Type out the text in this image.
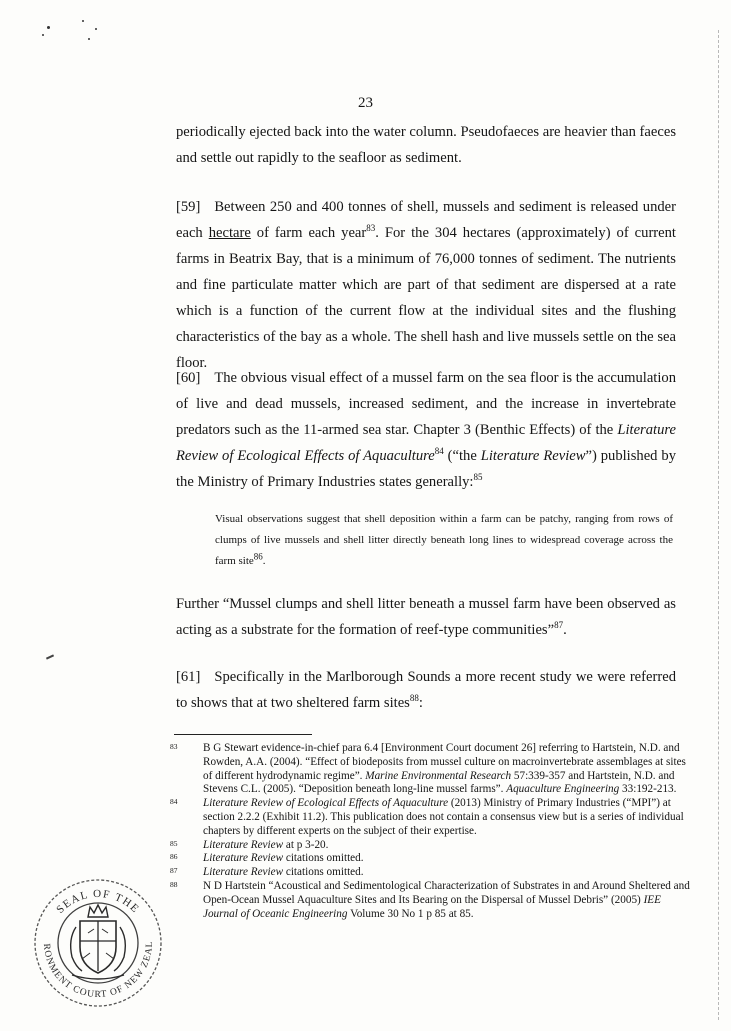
23
periodically ejected back into the water column. Pseudofaeces are heavier than faeces and settle out rapidly to the seafloor as sediment.
[59] Between 250 and 400 tonnes of shell, mussels and sediment is released under each hectare of farm each year$^{83}$. For the 304 hectares (approximately) of current farms in Beatrix Bay, that is a minimum of 76,000 tonnes of sediment. The nutrients and fine particulate matter which are part of that sediment are dispersed at a rate which is a function of the current flow at the individual sites and the flushing characteristics of the bay as a whole. The shell hash and live mussels settle on the sea floor.
[60] The obvious visual effect of a mussel farm on the sea floor is the accumulation of live and dead mussels, increased sediment, and the increase in invertebrate predators such as the 11-armed sea star. Chapter 3 (Benthic Effects) of the Literature Review of Ecological Effects of Aquaculture$^{84}$ (“the Literature Review”) published by the Ministry of Primary Industries states generally:$^{85}$
Visual observations suggest that shell deposition within a farm can be patchy, ranging from rows of clumps of live mussels and shell litter directly beneath long lines to widespread coverage across the farm site$^{86}$.
Further “Mussel clumps and shell litter beneath a mussel farm have been observed as acting as a substrate for the formation of reef-type communities”$^{87}$.
[61] Specifically in the Marlborough Sounds a more recent study we were referred to shows that at two sheltered farm sites$^{88}$:
83 B G Stewart evidence-in-chief para 6.4 [Environment Court document 26] referring to Hartstein, N.D. and Rowden, A.A. (2004). “Effect of biodeposits from mussel culture on macroinvertebrate assemblages at sites of different hydrodynamic regime”. Marine Environmental Research 57:339-357 and Hartstein, N.D. and Stevens C.L. (2005). “Deposition beneath long-line mussel farms”. Aquaculture Engineering 33:192-213.
84 Literature Review of Ecological Effects of Aquaculture (2013) Ministry of Primary Industries (“MPI”) at section 2.2.2 (Exhibit 11.2). This publication does not contain a consensus view but is a series of individual chapters by different experts on the subject of their expertise.
85 Literature Review at p 3-20.
86 Literature Review citations omitted.
87 Literature Review citations omitted.
88 N D Hartstein “Acoustical and Sedimentological Characterization of Substrates in and Around Sheltered and Open-Ocean Mussel Aquaculture Sites and Its Bearing on the Dispersal of Mussel Debris” (2005) IEE Journal of Oceanic Engineering Volume 30 No 1 p 85 at 85.
SEAL OF THE
RONMENT COURT OF NEW ZEAL
